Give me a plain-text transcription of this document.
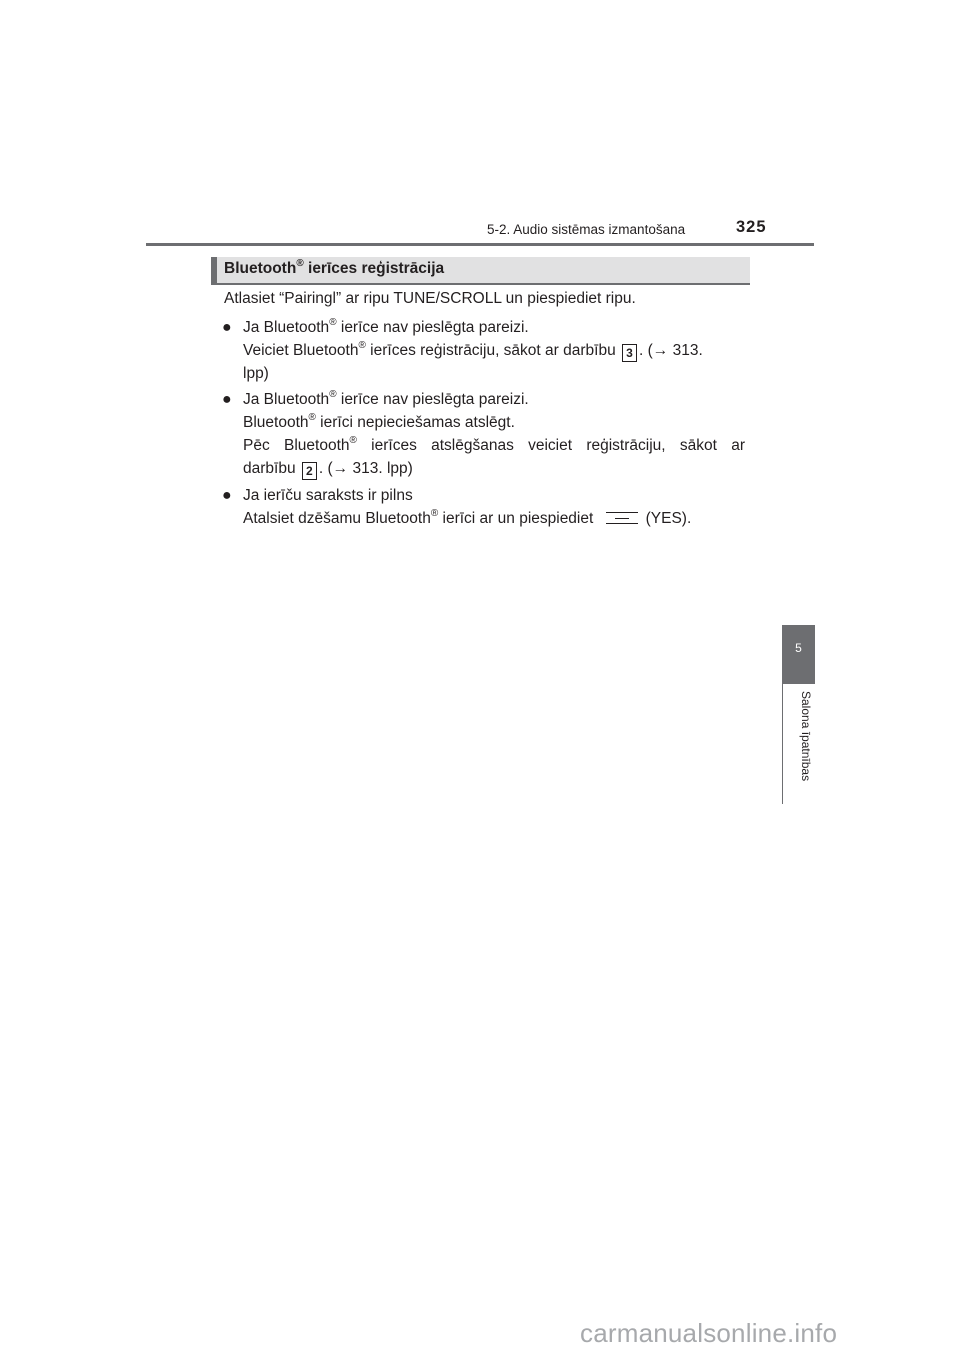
5-2. Audio sistēmas izmantošana	325
5
Salona īpatnības
Bluetooth® ierīces reģistrācija
Atlasiet “Pairingl” ar ripu TUNE/SCROLL un piespiediet ripu.
● Ja Bluetooth® ierīce nav pieslēgta pareizi.
Veiciet Bluetooth® ierīces reģistrāciju, sākot ar darbību 3 . (→ 313.
lpp)
● Ja Bluetooth® ierīce nav pieslēgta pareizi.
Bluetooth® ierīci nepieciešamas atslēgt.
Pēc Bluetooth® ierīces atslēgšanas veiciet reģistrāciju, sākot ar
darbību 2 . (→ 313. lpp)
● Ja ierīču saraksts ir pilns
Atalsiet dzēšamu Bluetooth® ierīci ar un piespiediet	(YES).
carmanualsonline.info
